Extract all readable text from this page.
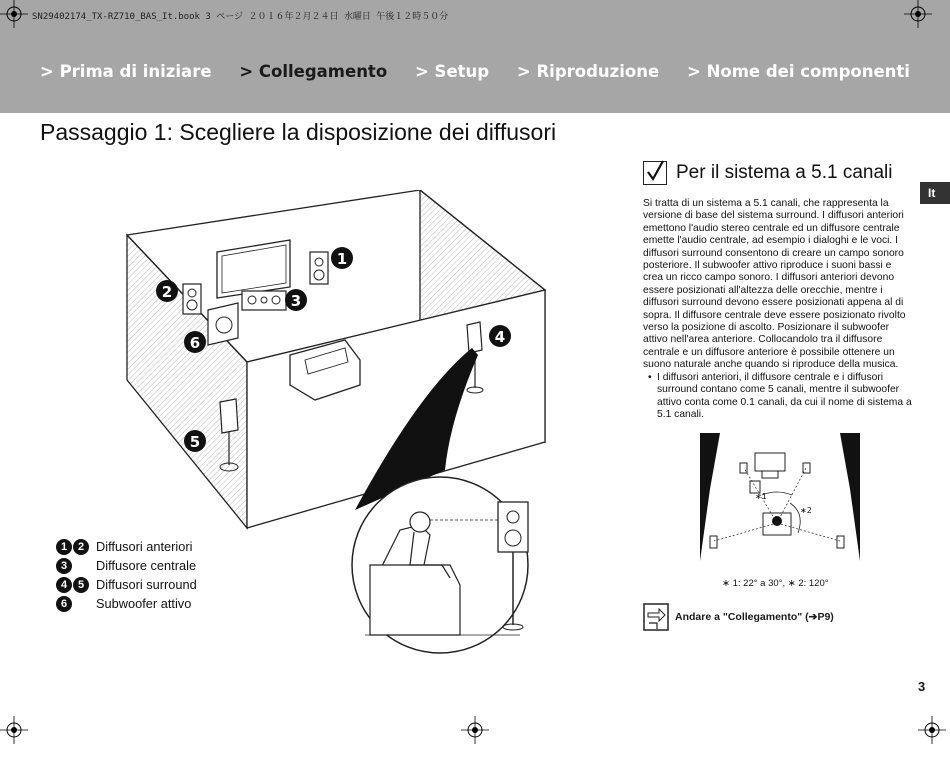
SN29402174_TX-RZ710_BAS_It.book 3 ページ ２０１６年２月２４日 水曜日 午後１２時５０分
> Prima di iniziare > Collegamento > Setup > Riproduzione > Nome dei componenti
Passaggio 1: Scegliere la disposizione dei diffusori
It
1
2	3
6	4
5
1 2 Diffusori anteriori
3	Diffusore centrale
4 5 Diffusori surround
6	Subwoofer attivo
Per il sistema a 5.1 canali
Si tratta di un sistema a 5.1 canali, che rappresenta la versione di base del sistema surround. I diffusori anteriori emettono l'audio stereo centrale ed un diffusore centrale emette l'audio centrale, ad esempio i dialoghi e le voci. I diffusori surround consentono di creare un campo sonoro posteriore. Il subwoofer attivo riproduce i suoni bassi e crea un ricco campo sonoro. I diffusori anteriori devono essere posizionati all'altezza delle orecchie, mentre i diffusori surround devono essere posizionati appena al di sopra. Il diffusore centrale deve essere posizionato rivolto verso la posizione di ascolto. Posizionare il subwoofer attivo nell'area anteriore. Collocandolo tra il diffusore centrale e un diffusore anteriore è possibile ottenere un suono naturale anche quando si riproduce della musica.
• I diffusori anteriori, il diffusore centrale e i diffusori surround contano come 5 canali, mentre il subwoofer attivo conta come 0.1 canali, da cui il nome di sistema a 5.1 canali.
∗1
∗2
∗ 1: 22° a 30°, ∗ 2: 120°
Andare a "Collegamento" (➔P9)
3
